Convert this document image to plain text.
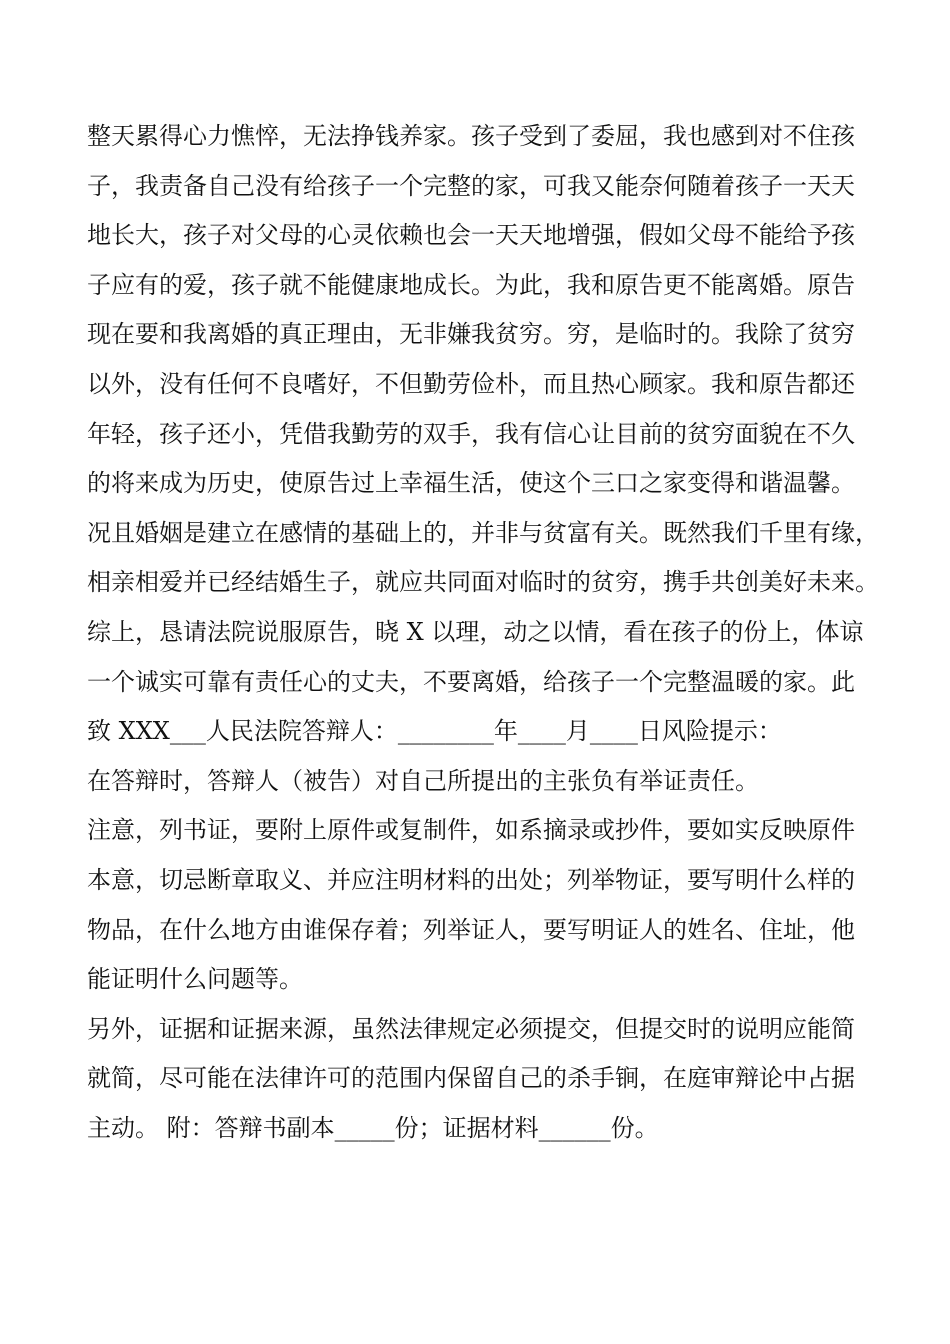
整天累得心力憔悴，无法挣钱养家。孩子受到了委屈，我也感到对不住孩
子，我责备自己没有给孩子一个完整的家，可我又能奈何随着孩子一天天
地长大，孩子对父母的心灵依赖也会一天天地增强，假如父母不能给予孩
子应有的爱，孩子就不能健康地成长。为此，我和原告更不能离婚。原告
现在要和我离婚的真正理由，无非嫌我贫穷。穷，是临时的。我除了贫穷
以外，没有任何不良嗜好，不但勤劳俭朴，而且热心顾家。我和原告都还
年轻，孩子还小，凭借我勤劳的双手，我有信心让目前的贫穷面貌在不久
的将来成为历史，使原告过上幸福生活，使这个三口之家变得和谐温馨。
况且婚姻是建立在感情的基础上的，并非与贫富有关。既然我们千里有缘，
相亲相爱并已经结婚生子，就应共同面对临时的贫穷，携手共创美好未来。
综上，恳请法院说服原告，晓 X 以理，动之以情，看在孩子的份上，体谅
一个诚实可靠有责任心的丈夫，不要离婚，给孩子一个完整温暖的家。此
致 XXX___人民法院答辩人：________年____月____日风险提示：
在答辩时，答辩人（被告）对自己所提出的主张负有举证责任。
注意，列书证，要附上原件或复制件，如系摘录或抄件，要如实反映原件
本意，切忌断章取义、并应注明材料的出处；列举物证，要写明什么样的
物品，在什么地方由谁保存着；列举证人，要写明证人的姓名、住址，他
能证明什么问题等。
另外，证据和证据来源，虽然法律规定必须提交，但提交时的说明应能简
就简，尽可能在法律许可的范围内保留自己的杀手锏，在庭审辩论中占据
主动。 附：答辩书副本_____份；证据材料______份。
